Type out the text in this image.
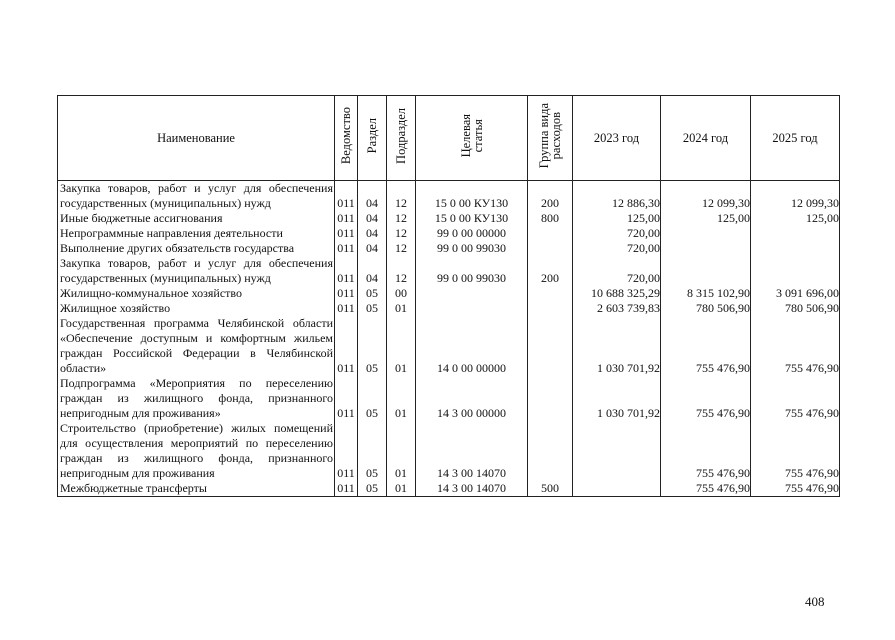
Наименование	Ведомство	Раздел	Подраздел	Целевая
статья	Группа вида
расходов	2023 год	2024 год	2025 год
Закупка товаров, работ и услуг для обеспечения государственных (муниципальных) нужд	011	04	12	15 0 00 КУ130	200	12 886,30	12 099,30	12 099,30
Иные бюджетные ассигнования	011	04	12	15 0 00 КУ130	800	125,00	125,00	125,00
Непрограммные направления деятельности	011	04	12	99 0 00 00000		720,00		
Выполнение других обязательств государства	011	04	12	99 0 00 99030		720,00		
Закупка товаров, работ и услуг для обеспечения государственных (муниципальных) нужд	011	04	12	99 0 00 99030	200	720,00		
Жилищно-коммунальное хозяйство	011	05	00			10 688 325,29	8 315 102,90	3 091 696,00
Жилищное хозяйство	011	05	01			2 603 739,83	780 506,90	780 506,90
Государственная программа Челябинской области «Обеспечение доступным и комфортным жильем граждан Российской Федерации в Челябинской области»	011	05	01	14 0 00 00000		1 030 701,92	755 476,90	755 476,90
Подпрограмма «Мероприятия по переселению граждан из жилищного фонда, признанного непригодным для проживания»	011	05	01	14 3 00 00000		1 030 701,92	755 476,90	755 476,90
Строительство (приобретение) жилых помещений для осуществления мероприятий по переселению граждан из жилищного фонда, признанного непригодным для проживания	011	05	01	14 3 00 14070			755 476,90	755 476,90
Межбюджетные трансферты	011	05	01	14 3 00 14070	500		755 476,90	755 476,90
408
